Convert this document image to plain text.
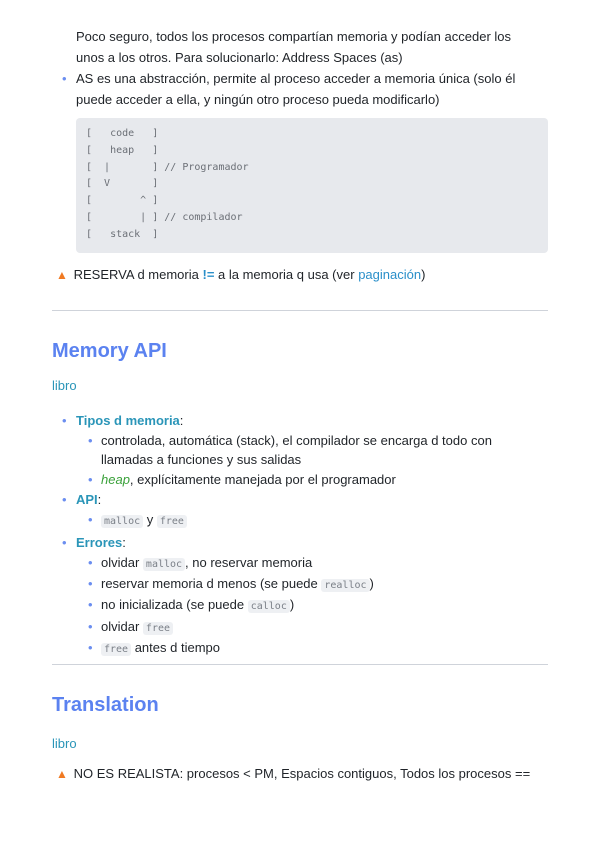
Poco seguro, todos los procesos compartían memoria y podían acceder los
unos a los otros. Para solucionarlo: Address Spaces (as)
• AS es una abstracción, permite al proceso acceder a memoria única (solo él
puede acceder a ella, y ningún otro proceso pueda modificarlo)
[   code   ]
[   heap   ]
[  |       ] // Programador
[  V       ]
[        ^ ]
[        | ] // compilador
[   stack  ]
▲ RESERVA d memoria != a la memoria q usa (ver paginación)
Memory API
libro
• Tipos d memoria:
• controlada, automática (stack), el compilador se encarga d todo con
llamadas a funciones y sus salidas
• heap, explícitamente manejada por el programador
• API:
• malloc y free
• Errores:
• olvidar malloc , no reservar memoria
• reservar memoria d menos (se puede realloc )
• no inicializada (se puede calloc )
• olvidar free
• free antes d tiempo
Translation
libro
▲ NO ES REALISTA: procesos < PM, Espacios contiguos, Todos los procesos ==
